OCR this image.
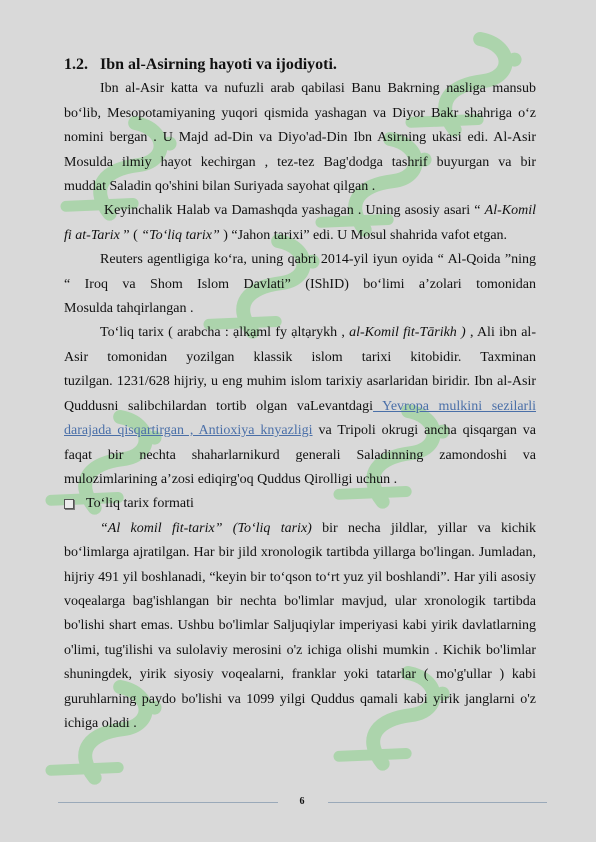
1.2. Ibn al-Asirning hayoti va ijodiyoti.
Ibn al-Asir katta va nufuzli arab qabilasi Banu Bakrning nasliga mansub
bo‘lib, Mesopotamiyaning yuqori qismida yashagan va Diyor Bakr shahriga o‘z
nomini bergan . U Majd ad-Din va Diyo'ad-Din Ibn Asirning ukasi edi. Al-Asir
Mosulda ilmiy hayot kechirgan , tez-tez Bag'dodga tashrif buyurgan va bir
muddat Saladin qo'shini bilan Suriyada sayohat qilgan .
Keyinchalik Halab va Damashqda yashagan . Uning asosiy asari “ Al-Komil
fi at-Tarix ” ( “To‘liq tarix” ) “Jahon tarixi” edi. U Mosul shahrida vafot etgan.
Reuters agentligiga ko‘ra, uning qabri 2014-yil iyun oyida “ Al-Qoida ”ning
“ Iroq va Shom Islom Davlati” (IShID) bo‘limi a’zolari tomonidan
Mosulda tahqirlangan .
To‘liq tarix ( arabcha : ạlkạml fy ạltạrykh , al-Komil fit-Tārikh ) , Ali ibn al-
Asir tomonidan yozilgan klassik islom tarixi kitobidir. Taxminan
tuzilgan. 1231/628 hijriy, u eng muhim islom tarixiy asarlaridan biridir. Ibn al-Asir
Quddusni salibchilardan tortib olgan vaLevantdagi Yevropa mulkini sezilarli
darajada qisqartirgan , Antioxiya knyazligi va Tripoli okrugi ancha qisqargan va
faqat bir nechta shaharlarnikurd generali Saladinning zamondoshi va
mulozimlarining a’zosi ediqirg'oq Quddus Qirolligi uchun .
To‘liq tarix formati
“Al komil fit-tarix” (To‘liq tarix) bir necha jildlar, yillar va kichik
bo‘limlarga ajratilgan. Har bir jild xronologik tartibda yillarga bo'lingan. Jumladan,
hijriy 491 yil boshlanadi, “keyin bir to‘qson to‘rt yuz yil boshlandi”. Har yili asosiy
voqealarga bag'ishlangan bir nechta bo'limlar mavjud, ular xronologik tartibda
bo'lishi shart emas. Ushbu bo'limlar Saljuqiylar imperiyasi kabi yirik davlatlarning
o'limi, tug'ilishi va sulolaviy merosini o'z ichiga olishi mumkin . Kichik bo'limlar
shuningdek, yirik siyosiy voqealarni, franklar yoki tatarlar ( mo'g'ullar ) kabi
guruhlarning paydo bo'lishi va 1099 yilgi Quddus qamali kabi yirik janglarni o'z
ichiga oladi .
6
